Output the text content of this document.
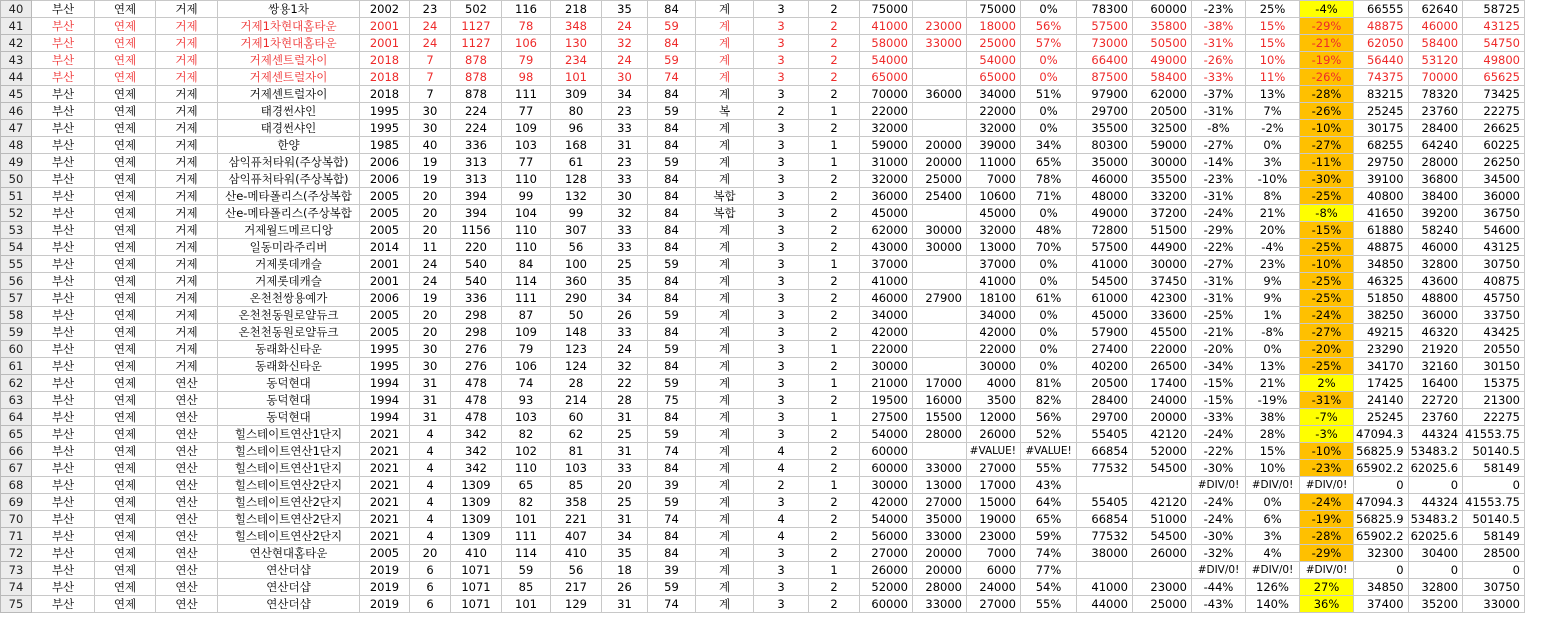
40	부산	연제	거제	쌍용1차	2002	23	502	116	218	35	84	계	3	2	75000		75000	0%	78300	60000	-23%	25%	-4%	66555	62640	58725
41	부산	연제	거제	거제1차현대홈타운	2001	24	1127	78	348	24	59	계	3	2	41000	23000	18000	56%	57500	35800	-38%	15%	-29%	48875	46000	43125
42	부산	연제	거제	거제1차현대홈타운	2001	24	1127	106	130	32	84	계	3	2	58000	33000	25000	57%	73000	50500	-31%	15%	-21%	62050	58400	54750
43	부산	연제	거제	거제센트럴자이	2018	7	878	79	234	24	59	계	3	2	54000		54000	0%	66400	49000	-26%	10%	-19%	56440	53120	49800
44	부산	연제	거제	거제센트럴자이	2018	7	878	98	101	30	74	계	3	2	65000		65000	0%	87500	58400	-33%	11%	-26%	74375	70000	65625
45	부산	연제	거제	거제센트럴자이	2018	7	878	111	309	34	84	계	3	2	70000	36000	34000	51%	97900	62000	-37%	13%	-28%	83215	78320	73425
46	부산	연제	거제	태경썬샤인	1995	30	224	77	80	23	59	복	2	1	22000		22000	0%	29700	20500	-31%	7%	-26%	25245	23760	22275
47	부산	연제	거제	태경썬샤인	1995	30	224	109	96	33	84	계	3	2	32000		32000	0%	35500	32500	-8%	-2%	-10%	30175	28400	26625
48	부산	연제	거제	한양	1985	40	336	103	168	31	84	계	3	1	59000	20000	39000	34%	80300	59000	-27%	0%	-27%	68255	64240	60225
49	부산	연제	거제	삼익퓨처타워(주상복합)	2006	19	313	77	61	23	59	계	3	1	31000	20000	11000	65%	35000	30000	-14%	3%	-11%	29750	28000	26250
50	부산	연제	거제	삼익퓨처타워(주상복합)	2006	19	313	110	128	33	84	계	3	2	32000	25000	7000	78%	46000	35500	-23%	-10%	-30%	39100	36800	34500
51	부산	연제	거제	산e-메타폴리스(주상복합	2005	20	394	99	132	30	84	복합	3	2	36000	25400	10600	71%	48000	33200	-31%	8%	-25%	40800	38400	36000
52	부산	연제	거제	산e-메타폴리스(주상복합	2005	20	394	104	99	32	84	복합	3	2	45000		45000	0%	49000	37200	-24%	21%	-8%	41650	39200	36750
53	부산	연제	거제	거제월드메르디앙	2005	20	1156	110	307	33	84	계	3	2	62000	30000	32000	48%	72800	51500	-29%	20%	-15%	61880	58240	54600
54	부산	연제	거제	일동미라주리버	2014	11	220	110	56	33	84	계	3	2	43000	30000	13000	70%	57500	44900	-22%	-4%	-25%	48875	46000	43125
55	부산	연제	거제	거제롯데캐슬	2001	24	540	84	100	25	59	계	3	1	37000		37000	0%	41000	30000	-27%	23%	-10%	34850	32800	30750
56	부산	연제	거제	거제롯데캐슬	2001	24	540	114	360	35	84	계	3	2	41000		41000	0%	54500	37450	-31%	9%	-25%	46325	43600	40875
57	부산	연제	거제	온천천쌍용예가	2006	19	336	111	290	34	84	계	3	2	46000	27900	18100	61%	61000	42300	-31%	9%	-25%	51850	48800	45750
58	부산	연제	거제	온천천동원로얄듀크	2005	20	298	87	50	26	59	계	3	2	34000		34000	0%	45000	33600	-25%	1%	-24%	38250	36000	33750
59	부산	연제	거제	온천천동원로얄듀크	2005	20	298	109	148	33	84	계	3	2	42000		42000	0%	57900	45500	-21%	-8%	-27%	49215	46320	43425
60	부산	연제	거제	동래화신타운	1995	30	276	79	123	24	59	계	3	1	22000		22000	0%	27400	22000	-20%	0%	-20%	23290	21920	20550
61	부산	연제	거제	동래화신타운	1995	30	276	106	124	32	84	계	3	2	30000		30000	0%	40200	26500	-34%	13%	-25%	34170	32160	30150
62	부산	연제	연산	동덕현대	1994	31	478	74	28	22	59	계	3	1	21000	17000	4000	81%	20500	17400	-15%	21%	2%	17425	16400	15375
63	부산	연제	연산	동덕현대	1994	31	478	93	214	28	75	계	3	2	19500	16000	3500	82%	28400	24000	-15%	-19%	-31%	24140	22720	21300
64	부산	연제	연산	동덕현대	1994	31	478	103	60	31	84	계	3	1	27500	15500	12000	56%	29700	20000	-33%	38%	-7%	25245	23760	22275
65	부산	연제	연산	힐스테이트연산1단지	2021	4	342	82	62	25	59	계	3	2	54000	28000	26000	52%	55405	42120	-24%	28%	-3%	47094.3	44324	41553.75
66	부산	연제	연산	힐스테이트연산1단지	2021	4	342	102	81	31	74	계	4	2	60000		#VALUE!	#VALUE!	66854	52000	-22%	15%	-10%	56825.9	53483.2	50140.5
67	부산	연제	연산	힐스테이트연산1단지	2021	4	342	110	103	33	84	계	4	2	60000	33000	27000	55%	77532	54500	-30%	10%	-23%	65902.2	62025.6	58149
68	부산	연제	연산	힐스테이트연산2단지	2021	4	1309	65	85	20	39	계	2	1	30000	13000	17000	43%			#DIV/0!	#DIV/0!	#DIV/0!	0	0	0
69	부산	연제	연산	힐스테이트연산2단지	2021	4	1309	82	358	25	59	계	3	2	42000	27000	15000	64%	55405	42120	-24%	0%	-24%	47094.3	44324	41553.75
70	부산	연제	연산	힐스테이트연산2단지	2021	4	1309	101	221	31	74	계	4	2	54000	35000	19000	65%	66854	51000	-24%	6%	-19%	56825.9	53483.2	50140.5
71	부산	연제	연산	힐스테이트연산2단지	2021	4	1309	111	407	34	84	계	4	2	56000	33000	23000	59%	77532	54500	-30%	3%	-28%	65902.2	62025.6	58149
72	부산	연제	연산	연산현대홈타운	2005	20	410	114	410	35	84	계	3	2	27000	20000	7000	74%	38000	26000	-32%	4%	-29%	32300	30400	28500
73	부산	연제	연산	연산더샵	2019	6	1071	59	56	18	39	계	3	1	26000	20000	6000	77%			#DIV/0!	#DIV/0!	#DIV/0!	0	0	0
74	부산	연제	연산	연산더샵	2019	6	1071	85	217	26	59	계	3	2	52000	28000	24000	54%	41000	23000	-44%	126%	27%	34850	32800	30750
75	부산	연제	연산	연산더샵	2019	6	1071	101	129	31	74	계	3	2	60000	33000	27000	55%	44000	25000	-43%	140%	36%	37400	35200	33000
